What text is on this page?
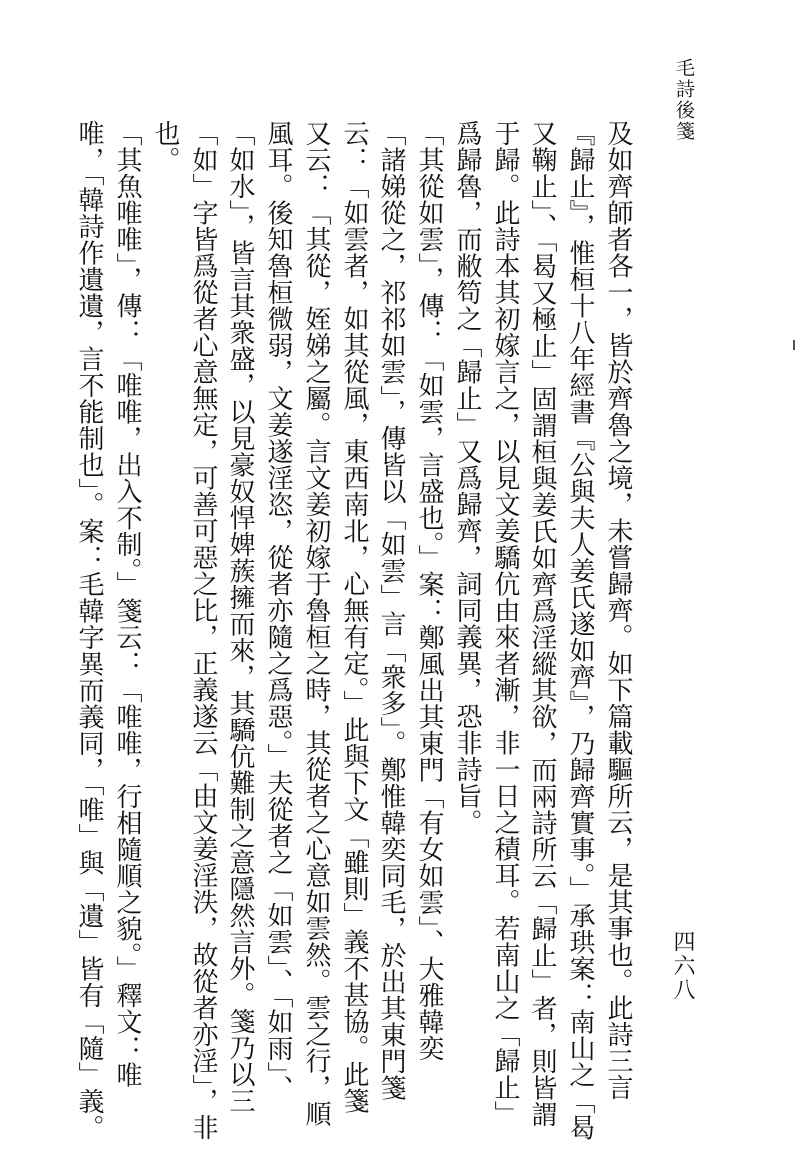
毛詩後箋
及如齊師者各一，皆於齊魯之境，未嘗歸齊。如下篇載驅所云，是其事也。此詩三言
『歸止』，惟桓十八年經書『公與夫人姜氏遂如齊』，乃歸齊實事。」承珙案：南山之「曷
又鞠止」、「曷又極止」固謂桓與姜氏如齊爲淫縱其欲，而兩詩所云「歸止」者，則皆謂
于歸。此詩本其初嫁言之，以見文姜驕伉由來者漸，非一日之積耳。若南山之「歸止」
爲歸魯，而敝笱之「歸止」又爲歸齊，詞同義異，恐非詩旨。
「其從如雲」，傳：「如雲，言盛也。」案：鄭風出其東門「有女如雲」、大雅韓奕
「諸娣從之，祁祁如雲」，傳皆以「如雲」言「衆多」。鄭惟韓奕同毛，於出其東門箋
云：「如雲者，如其從風，東西南北，心無有定。」此與下文「雖則」義不甚協。此箋
又云：「其從，姪娣之屬。言文姜初嫁于魯桓之時，其從者之心意如雲然。雲之行，順
風耳。後知魯桓微弱，文姜遂淫恣，從者亦隨之爲惡。」夫從者之「如雲」、「如雨」、
「如水」，皆言其衆盛，以見豪奴悍婢蔟擁而來，其驕伉難制之意隱然言外。箋乃以三
「如」字皆爲從者心意無定，可善可惡之比，正義遂云「由文姜淫泆，故從者亦淫」，非
也。
「其魚唯唯」，傳：「唯唯，出入不制。」箋云：「唯唯，行相隨順之貌。」釋文：唯
唯，「韓詩作遺遺，言不能制也」。案：毛韓字異而義同，「唯」與「遺」皆有「隨」義。	四六八
